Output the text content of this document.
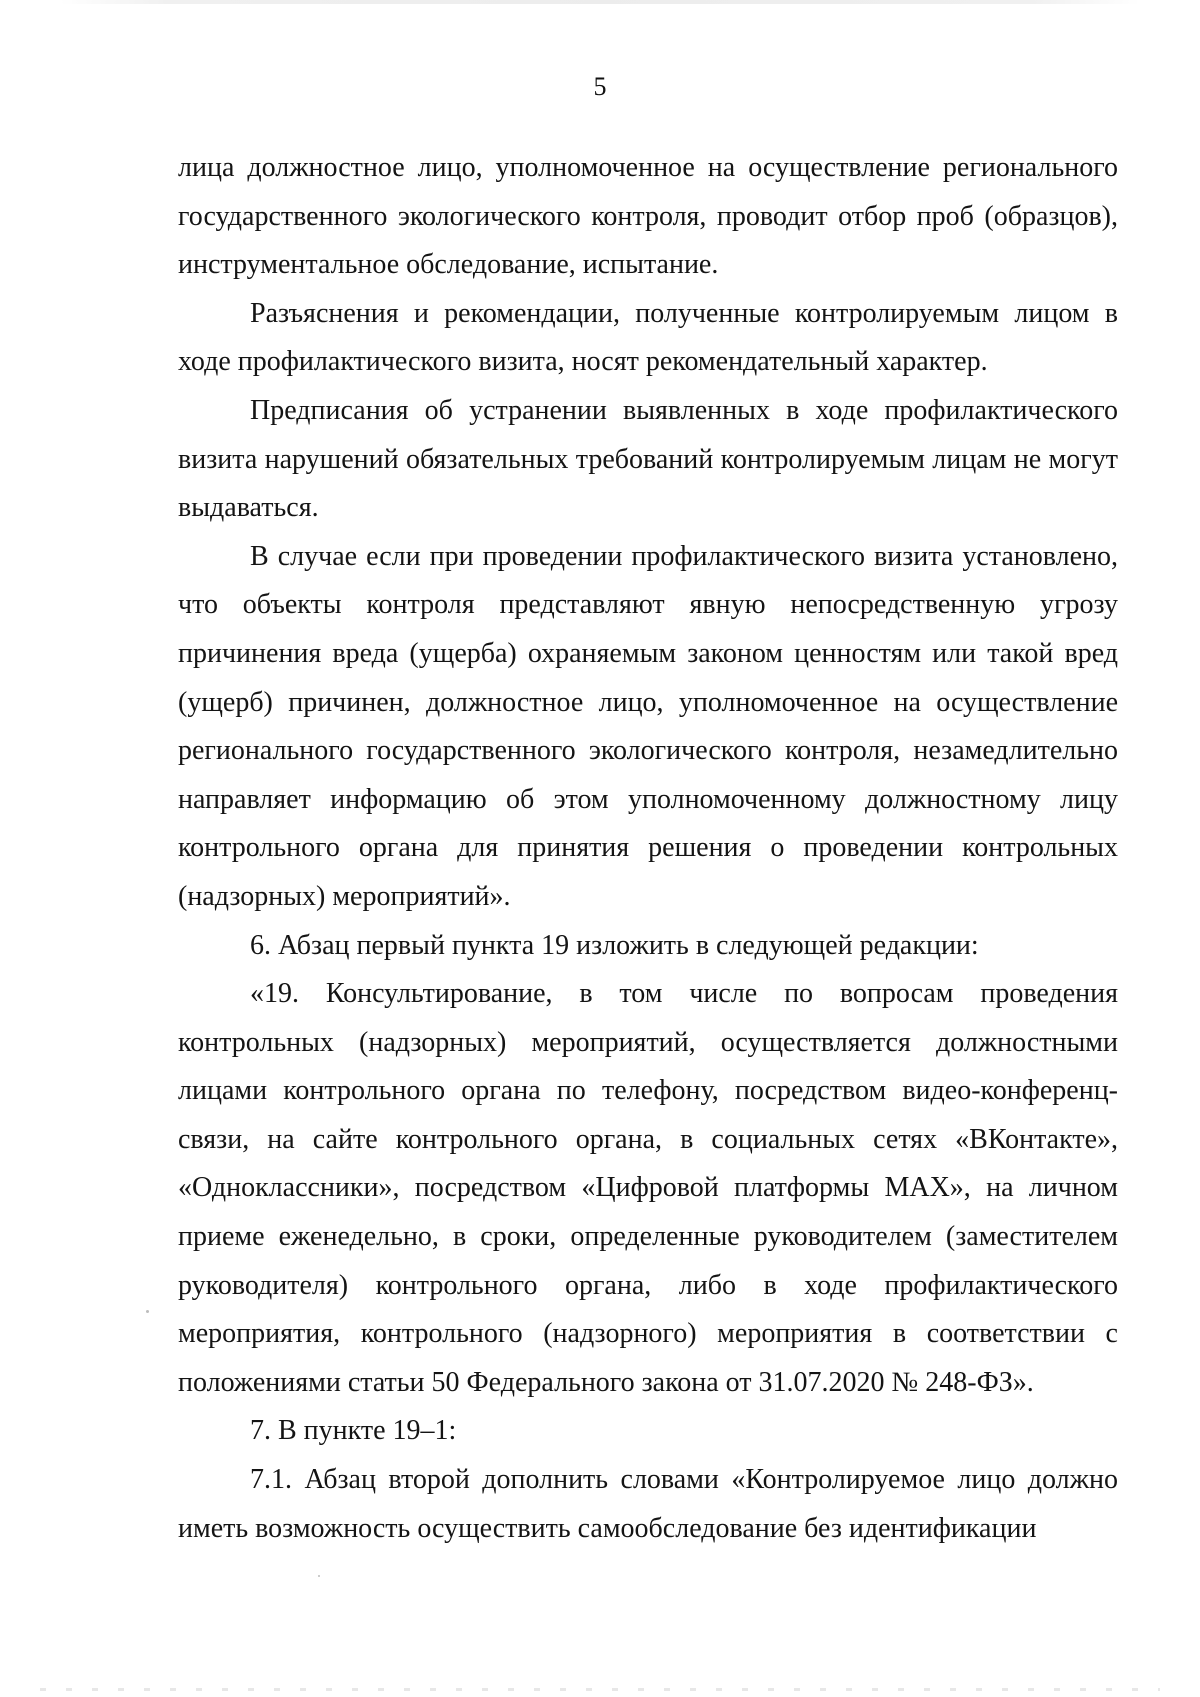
5

лица должностное лицо, уполномоченное на осуществление регионального государственного экологического контроля, проводит отбор проб (образцов), инструментальное обследование, испытание.

Разъяснения и рекомендации, полученные контролируемым лицом в ходе профилактического визита, носят рекомендательный характер.

Предписания об устранении выявленных в ходе профилактического визита нарушений обязательных требований контролируемым лицам не могут выдаваться.

В случае если при проведении профилактического визита установлено, что объекты контроля представляют явную непосредственную угрозу причинения вреда (ущерба) охраняемым законом ценностям или такой вред (ущерб) причинен, должностное лицо, уполномоченное на осуществление регионального государственного экологического контроля, незамедлительно направляет информацию об этом уполномоченному должностному лицу контрольного органа для принятия решения о проведении контрольных (надзорных) мероприятий».

6. Абзац первый пункта 19 изложить в следующей редакции:

«19. Консультирование, в том числе по вопросам проведения контрольных (надзорных) мероприятий, осуществляется должностными лицами контрольного органа по телефону, посредством видео-конференц-связи, на сайте контрольного органа, в социальных сетях «ВКонтакте», «Одноклассники», посредством «Цифровой платформы MAX», на личном приеме еженедельно, в сроки, определенные руководителем (заместителем руководителя) контрольного органа, либо в ходе профилактического мероприятия, контрольного (надзорного) мероприятия в соответствии с положениями статьи 50 Федерального закона от 31.07.2020 № 248-ФЗ».

7. В пункте 19–1:

7.1. Абзац второй дополнить словами «Контролируемое лицо должно иметь возможность осуществить самообследование без идентификации
